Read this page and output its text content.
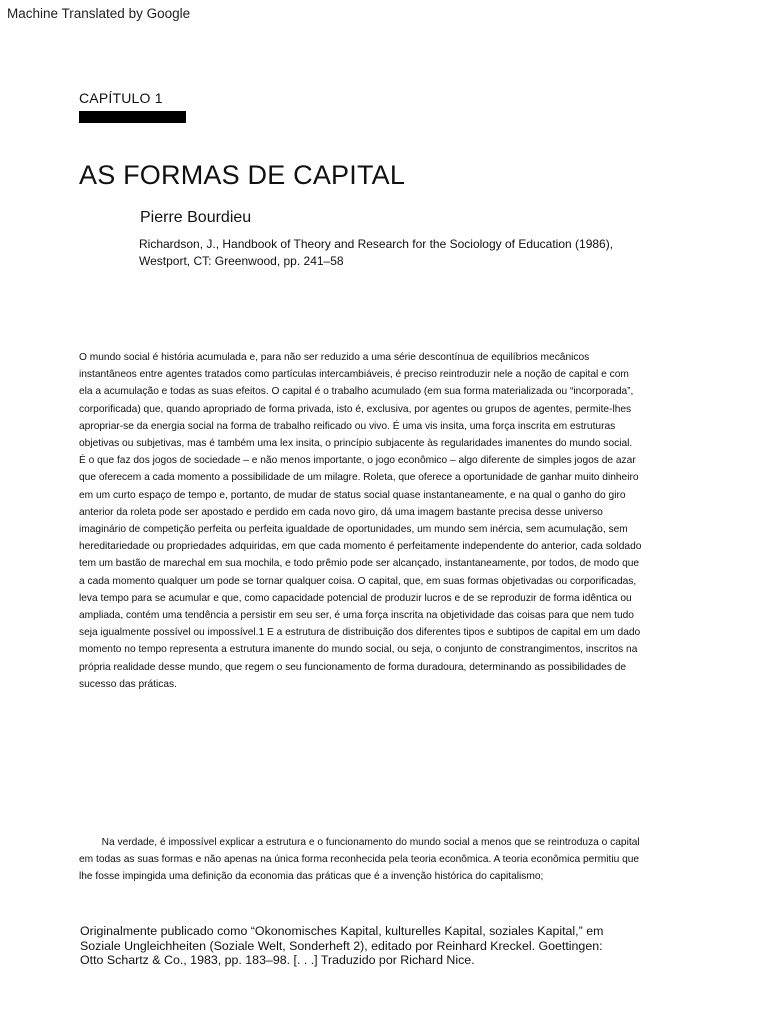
Machine Translated by Google
CAPÍTULO 1
AS FORMAS DE CAPITAL
Pierre Bourdieu
Richardson, J., Handbook of Theory and Research for the Sociology of Education (1986),
Westport, CT: Greenwood, pp. 241–58
O mundo social é história acumulada e, para não ser reduzido a uma série descontínua de equilíbrios mecânicos
instantâneos entre agentes tratados como partículas intercambiáveis, é preciso reintroduzir nele a noção de capital e com
ela a acumulação e todas as suas efeitos. O capital é o trabalho acumulado (em sua forma materializada ou “incorporada”,
corporificada) que, quando apropriado de forma privada, isto é, exclusiva, por agentes ou grupos de agentes, permite-lhes
apropriar-se da energia social na forma de trabalho reificado ou vivo. É uma vis insita, uma força inscrita em estruturas
objetivas ou subjetivas, mas é também uma lex insita, o princípio subjacente às regularidades imanentes do mundo social.
É o que faz dos jogos de sociedade – e não menos importante, o jogo econômico – algo diferente de simples jogos de azar
que oferecem a cada momento a possibilidade de um milagre. Roleta, que oferece a oportunidade de ganhar muito dinheiro
em um curto espaço de tempo e, portanto, de mudar de status social quase instantaneamente, e na qual o ganho do giro
anterior da roleta pode ser apostado e perdido em cada novo giro, dá uma imagem bastante precisa desse universo
imaginário de competição perfeita ou perfeita igualdade de oportunidades, um mundo sem inércia, sem acumulação, sem
hereditariedade ou propriedades adquiridas, em que cada momento é perfeitamente independente do anterior, cada soldado
tem um bastão de marechal em sua mochila, e todo prêmio pode ser alcançado, instantaneamente, por todos, de modo que
a cada momento qualquer um pode se tornar qualquer coisa. O capital, que, em suas formas objetivadas ou corporificadas,
leva tempo para se acumular e que, como capacidade potencial de produzir lucros e de se reproduzir de forma idêntica ou
ampliada, contém uma tendência a persistir em seu ser, é uma força inscrita na objetividade das coisas para que nem tudo
seja igualmente possível ou impossível.1 E a estrutura de distribuição dos diferentes tipos e subtipos de capital em um dado
momento no tempo representa a estrutura imanente do mundo social, ou seja, o conjunto de constrangimentos, inscritos na
própria realidade desse mundo, que regem o seu funcionamento de forma duradoura, determinando as possibilidades de
sucesso das práticas.
Na verdade, é impossível explicar a estrutura e o funcionamento do mundo social a menos que se reintroduza o capital
em todas as suas formas e não apenas na única forma reconhecida pela teoria econômica. A teoria econômica permitiu que
lhe fosse impingida uma definição da economia das práticas que é a invenção histórica do capitalismo;
Originalmente publicado como “Okonomisches Kapital, kulturelles Kapital, soziales Kapital,” em
Soziale Ungleichheiten (Soziale Welt, Sonderheft 2), editado por Reinhard Kreckel. Goettingen:
Otto Schartz & Co., 1983, pp. 183–98. [. . .] Traduzido por Richard Nice.
